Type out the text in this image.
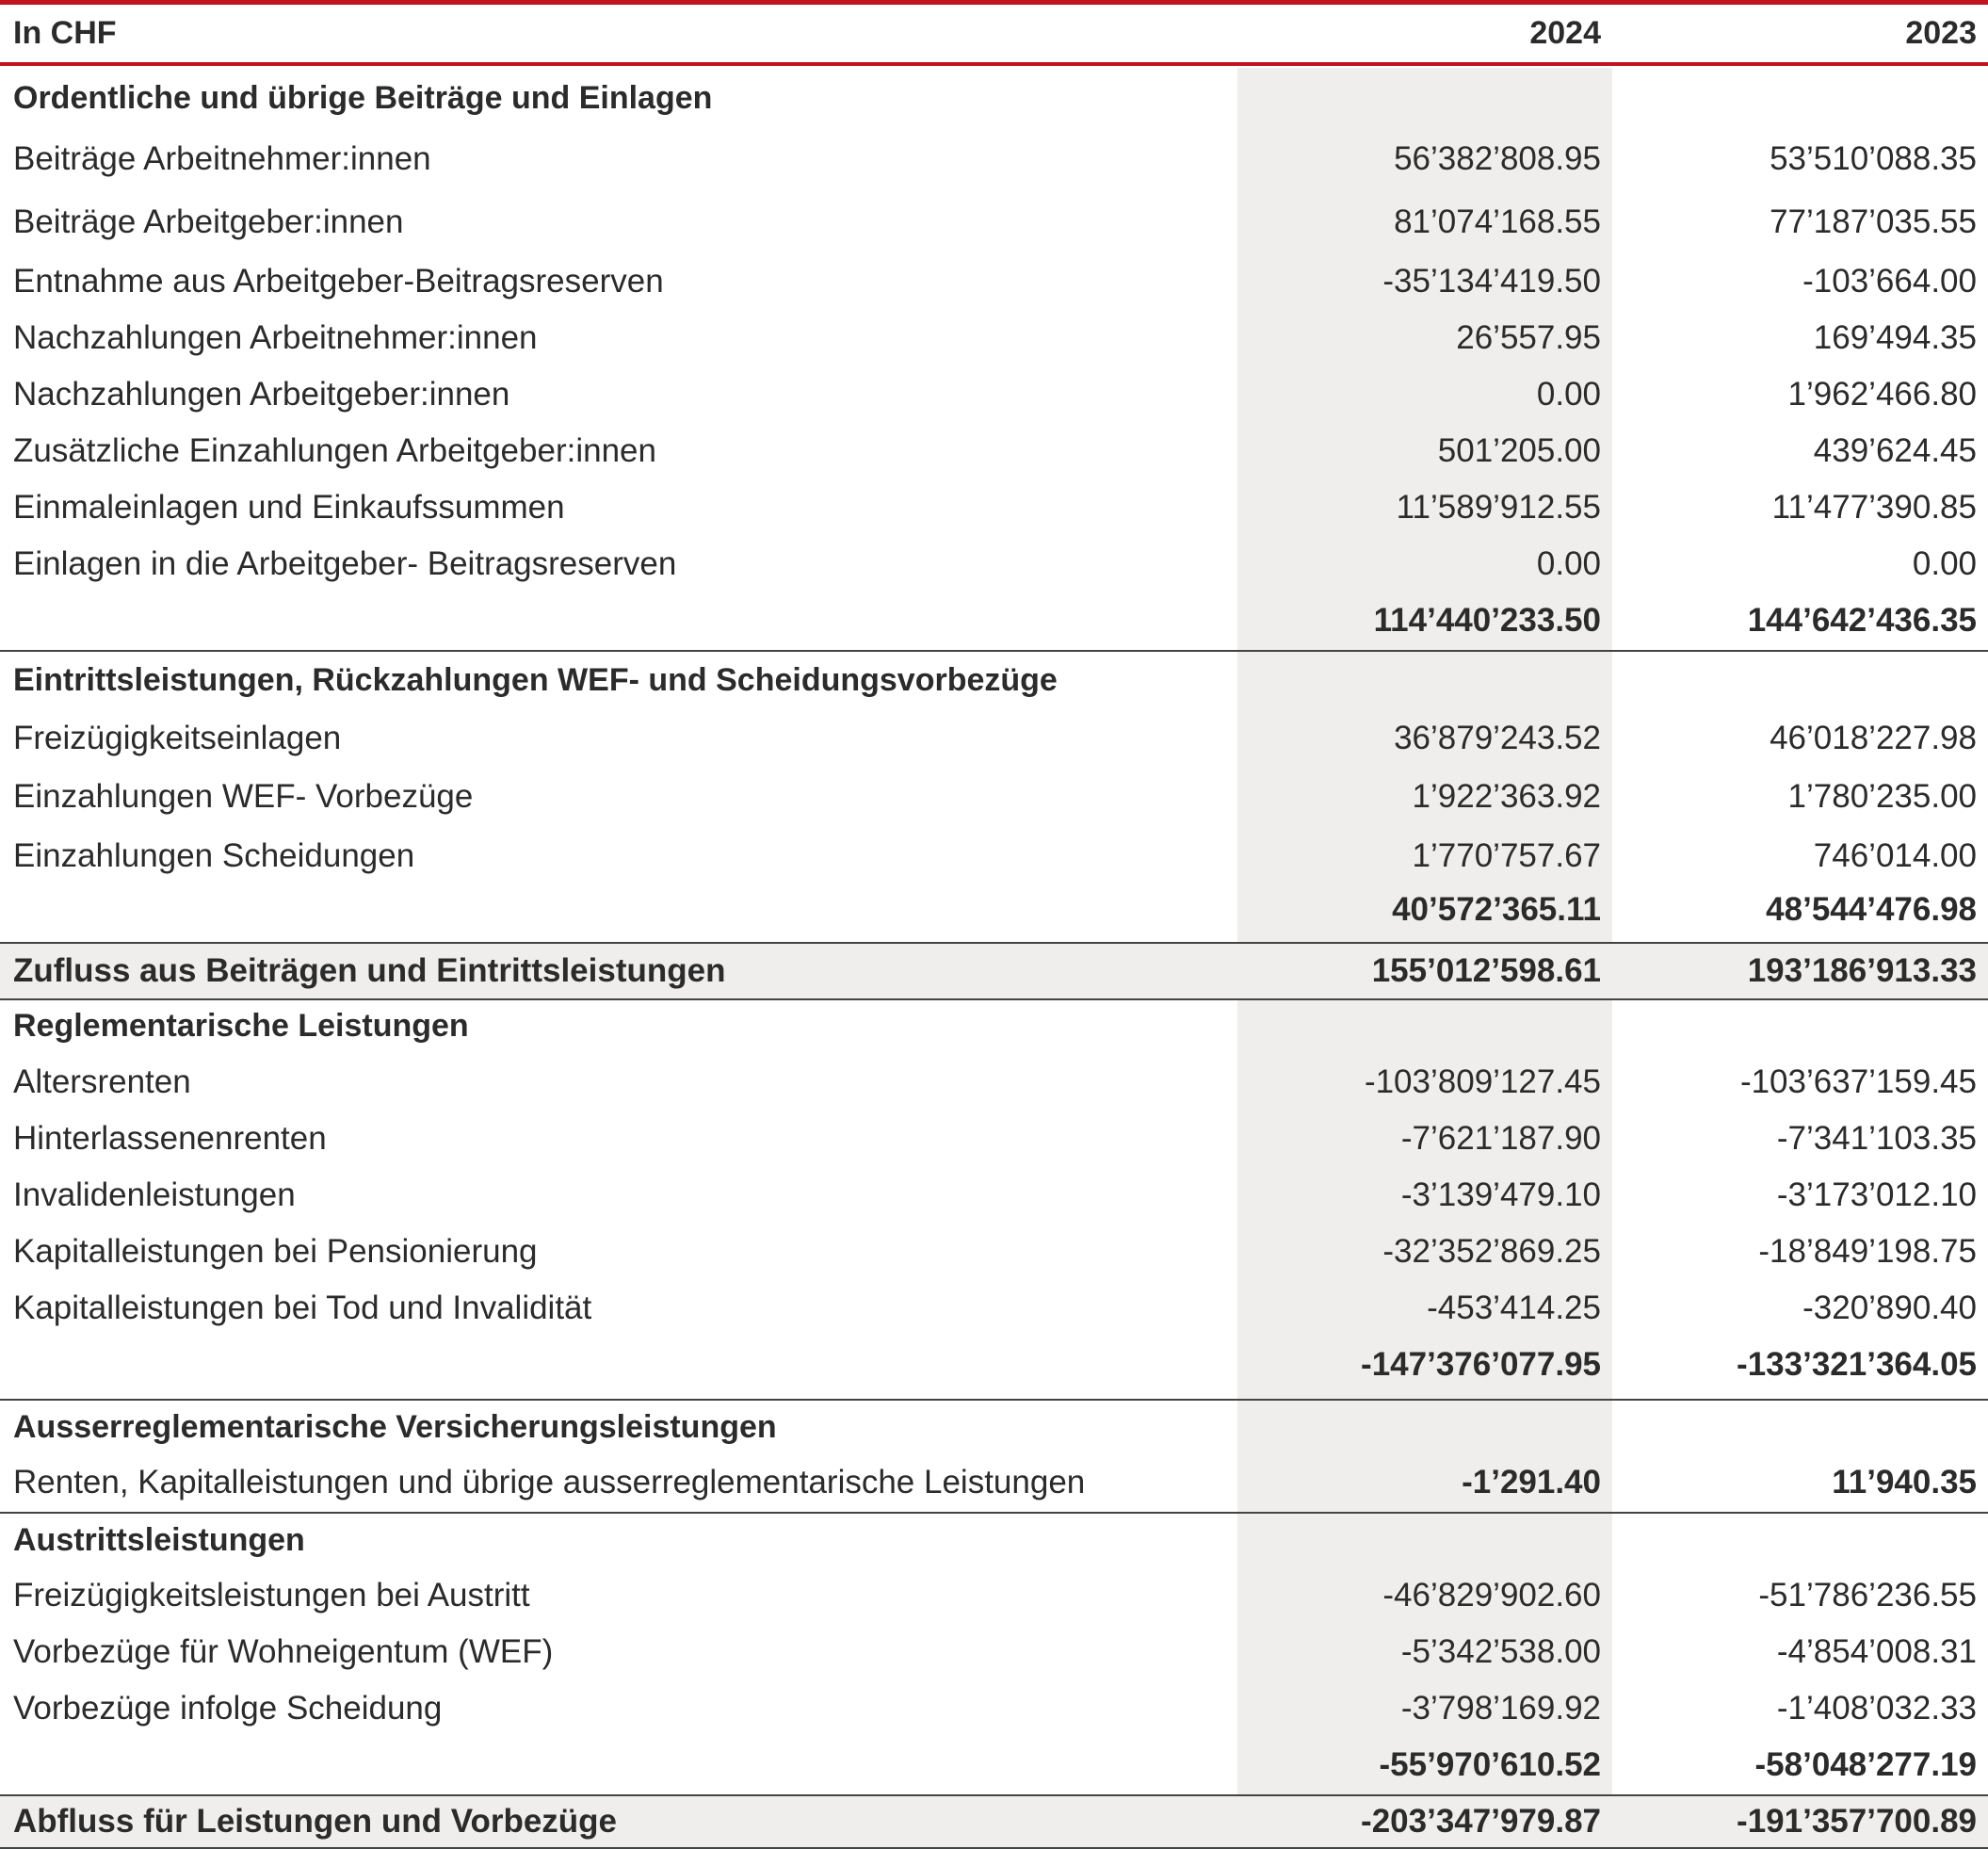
In CHF	2024	2023
Ordentliche und übrige Beiträge und Einlagen
Beiträge Arbeitnehmer:innen	56’382’808.95	53’510’088.35
Beiträge Arbeitgeber:innen	81’074’168.55	77’187’035.55
Entnahme aus Arbeitgeber-Beitragsreserven	-35’134’419.50	-103’664.00
Nachzahlungen Arbeitnehmer:innen	26’557.95	169’494.35
Nachzahlungen Arbeitgeber:innen	0.00	1’962’466.80
Zusätzliche Einzahlungen Arbeitgeber:innen	501’205.00	439’624.45
Einmaleinlagen und Einkaufssummen	11’589’912.55	11’477’390.85
Einlagen in die Arbeitgeber- Beitragsreserven	0.00	0.00
114’440’233.50	144’642’436.35
Eintrittsleistungen, Rückzahlungen WEF- und Scheidungsvorbezüge
Freizügigkeitseinlagen	36’879’243.52	46’018’227.98
Einzahlungen WEF- Vorbezüge	1’922’363.92	1’780’235.00
Einzahlungen Scheidungen	1’770’757.67	746’014.00
40’572’365.11	48’544’476.98
Zufluss aus Beiträgen und Eintrittsleistungen	155’012’598.61	193’186’913.33
Reglementarische Leistungen
Altersrenten	-103’809’127.45	-103’637’159.45
Hinterlassenenrenten	-7’621’187.90	-7’341’103.35
Invalidenleistungen	-3’139’479.10	-3’173’012.10
Kapitalleistungen bei Pensionierung	-32’352’869.25	-18’849’198.75
Kapitalleistungen bei Tod und Invalidität	-453’414.25	-320’890.40
-147’376’077.95	-133’321’364.05
Ausserreglementarische Versicherungsleistungen
Renten, Kapitalleistungen und übrige ausserreglementarische Leistungen	-1’291.40	11’940.35
Austrittsleistungen
Freizügigkeitsleistungen bei Austritt	-46’829’902.60	-51’786’236.55
Vorbezüge für Wohneigentum (WEF)	-5’342’538.00	-4’854’008.31
Vorbezüge infolge Scheidung	-3’798’169.92	-1’408’032.33
-55’970’610.52	-58’048’277.19
Abfluss für Leistungen und Vorbezüge	-203’347’979.87	-191’357’700.89
